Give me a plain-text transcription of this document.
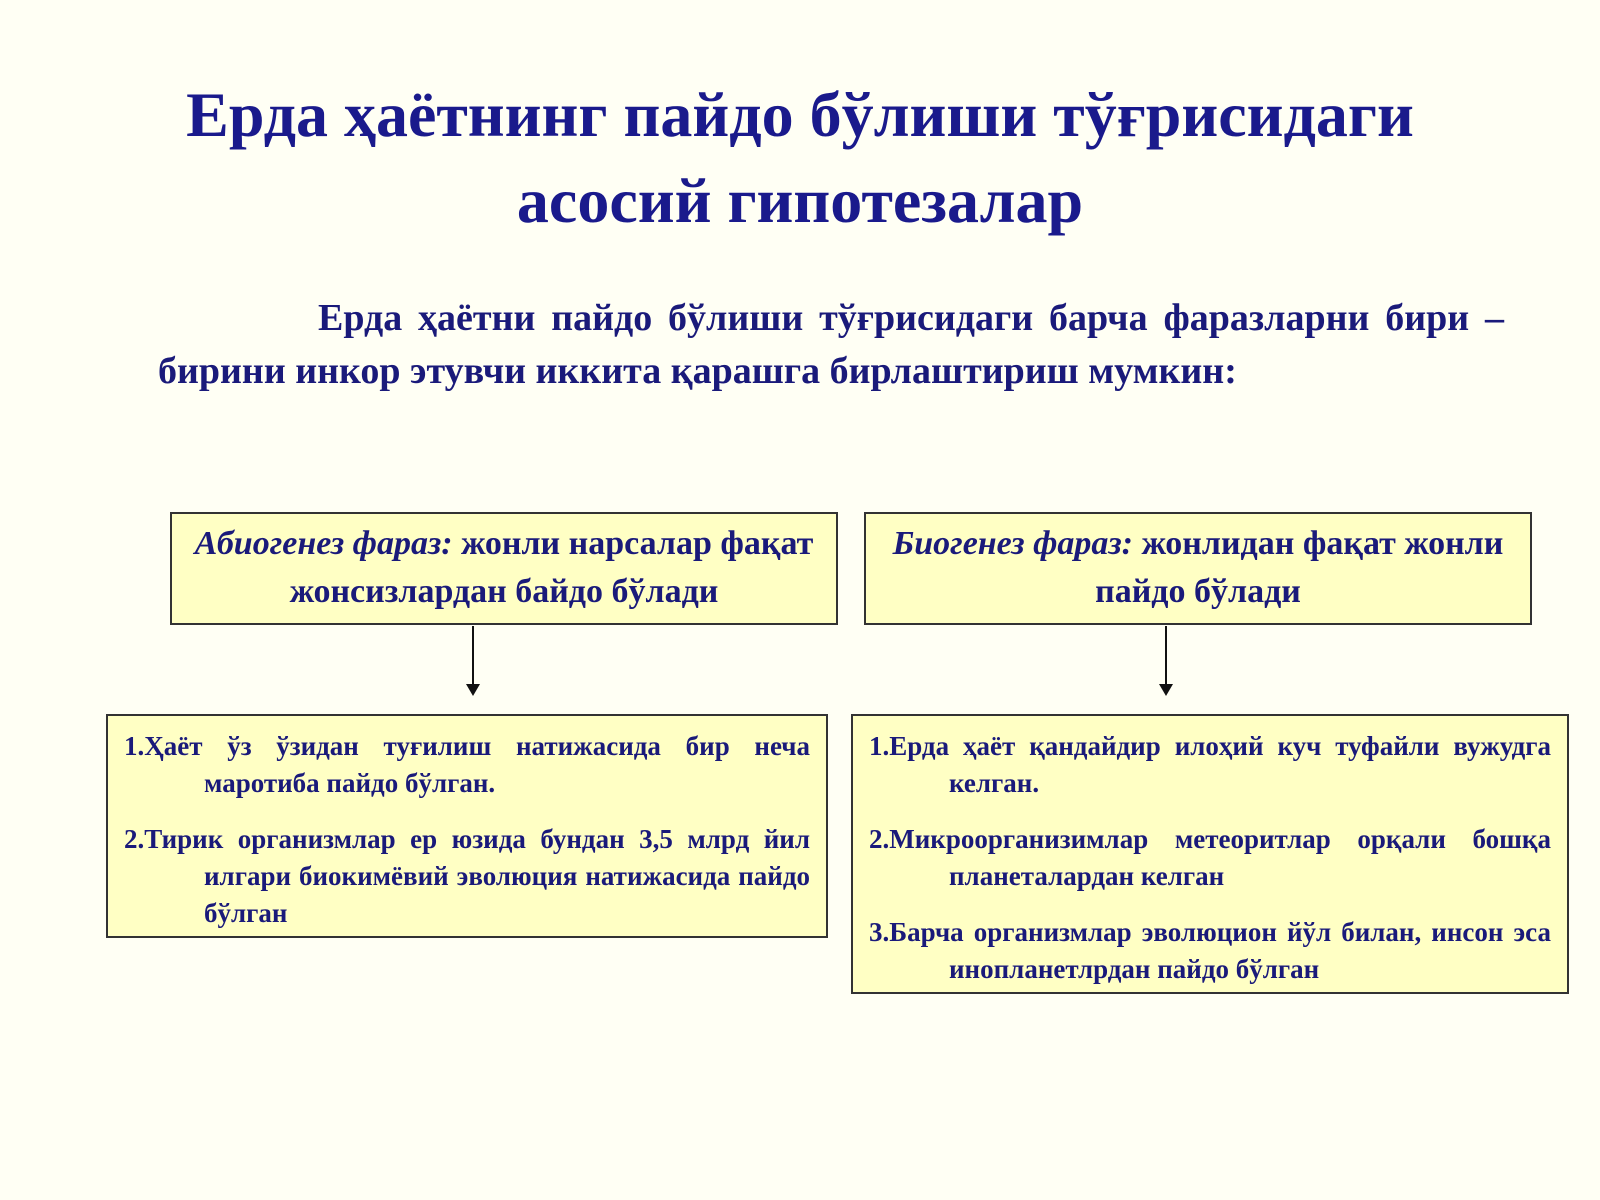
Ерда ҳаётнинг пайдо бўлиши тўғрисидаги
асосий гипотезалар
Ерда ҳаётни пайдо бўлиши тўғрисидаги барча фаразларни бири – бирини инкор этувчи иккита қарашга бирлаштириш мумкин:
Абиогенез фараз: жонли нарсалар фақат жонсизлардан байдо бўлади
Биогенез фараз: жонлидан фақат жонли пайдо бўлади
1.Ҳаёт ўз ўзидан туғилиш натижасида бир неча маротиба пайдо бўлган.
2.Тирик организмлар ер юзида бундан 3,5 млрд йил илгари биокимёвий эволюция натижасида пайдо бўлган
1.Ерда ҳаёт қандайдир илоҳий куч туфайли вужудга келган.
2.Микроорганизимлар метеоритлар орқали бошқа планеталардан келган
3.Барча организмлар эволюцион йўл билан, инсон эса инопланетлрдан пайдо бўлган
